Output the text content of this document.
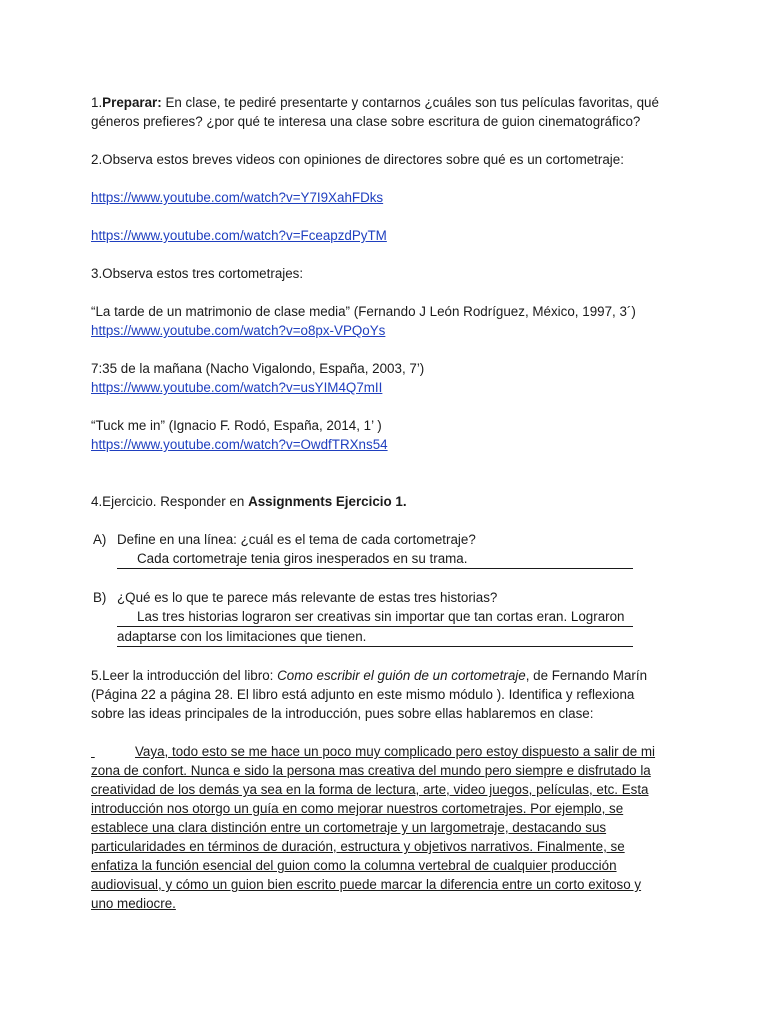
1.Preparar: En clase, te pediré presentarte y contarnos ¿cuáles son tus películas favoritas, qué

géneros prefieres? ¿por qué te interesa una clase sobre escritura de guion cinematográfico?

2.Observa estos breves videos con opiniones de directores sobre qué es un cortometraje:

https://www.youtube.com/watch?v=Y7I9XahFDks

https://www.youtube.com/watch?v=FceapzdPyTM

3.Observa estos tres cortometrajes:

“La tarde de un matrimonio de clase media” (Fernando J León Rodríguez, México, 1997, 3´)

https://www.youtube.com/watch?v=o8px-VPQoYs

7:35 de la mañana (Nacho Vigalondo, España, 2003, 7’)

https://www.youtube.com/watch?v=usYIM4Q7mII

“Tuck me in” (Ignacio F. Rodó, España, 2014, 1’ )

https://www.youtube.com/watch?v=OwdfTRXns54

4.Ejercicio. Responder en Assignments Ejercicio 1.

A) Define en una línea: ¿cuál es el tema de cada cortometraje?
Cada cortometraje tenia giros inesperados en su trama.
B) ¿Qué es lo que te parece más relevante de estas tres historias?
Las tres historias lograron ser creativas sin importar que tan cortas eran. Lograron
adaptarse con los limitaciones que tienen.

5.Leer la introducción del libro: Como escribir el guión de un cortometraje, de Fernando Marín

(Página 22 a página 28. El libro está adjunto en este mismo módulo ). Identifica y reflexiona

sobre las ideas principales de la introducción, pues sobre ellas hablaremos en clase:

Vaya, todo esto se me hace un poco muy complicado pero estoy dispuesto a salir de mi
zona de confort. Nunca e sido la persona mas creativa del mundo pero siempre e disfrutado la
creatividad de los demás ya sea en la forma de lectura, arte, video juegos, películas, etc. Esta
introducción nos otorgo un guía en como mejorar nuestros cortometrajes. Por ejemplo, se
establece una clara distinción entre un cortometraje y un largometraje, destacando sus
particularidades en términos de duración, estructura y objetivos narrativos. Finalmente, se
enfatiza la función esencial del guion como la columna vertebral de cualquier producción
audiovisual, y cómo un guion bien escrito puede marcar la diferencia entre un corto exitoso y
uno mediocre.
